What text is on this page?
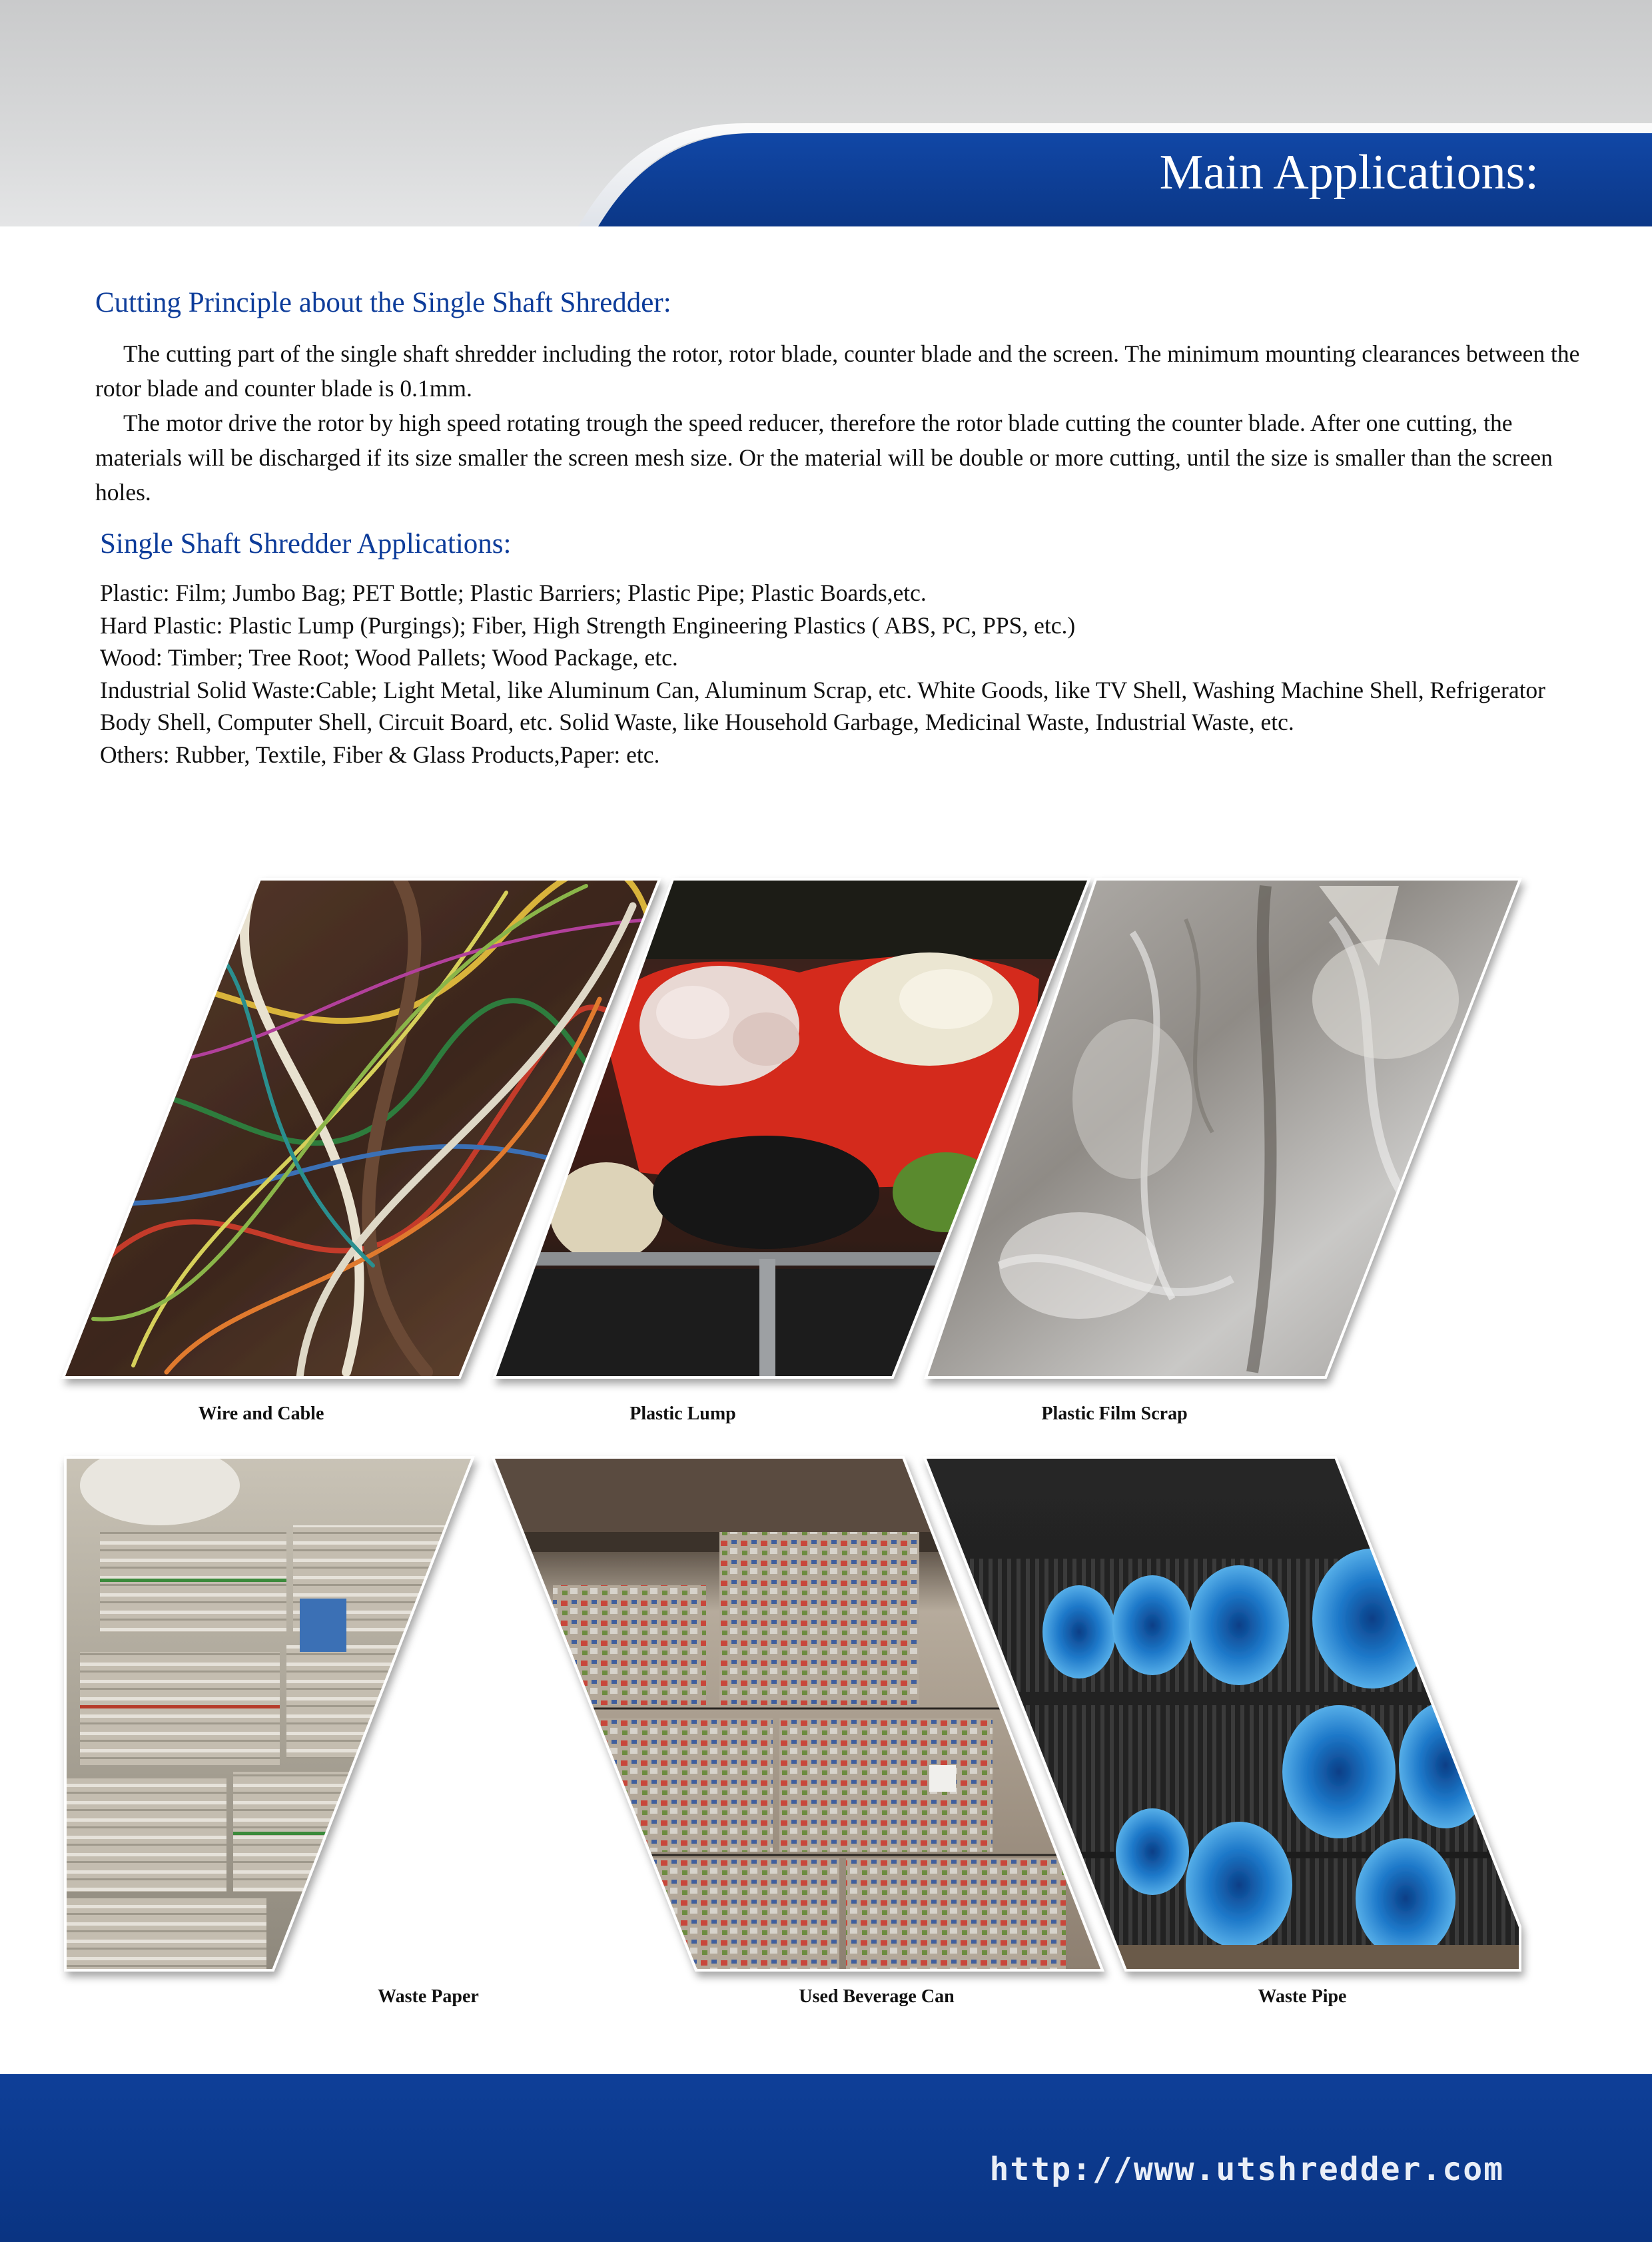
Main Applications:
Cutting Principle about the Single Shaft Shredder:

The cutting part of the single shaft shredder including the rotor, rotor blade, counter blade and the screen. The minimum mounting clearances between the rotor blade and counter blade is 0.1mm.

The motor drive the rotor by high speed rotating trough the speed reducer, therefore the rotor blade cutting the counter blade. After one cutting, the materials will be discharged if its size smaller the screen mesh size. Or the material will be double or more cutting, until the size is smaller than the screen holes.

Single Shaft Shredder Applications:
Plastic: Film; Jumbo Bag; PET Bottle; Plastic Barriers; Plastic Pipe; Plastic Boards,etc.
Hard Plastic: Plastic Lump (Purgings); Fiber, High Strength Engineering Plastics ( ABS, PC, PPS, etc.)
Wood: Timber; Tree Root; Wood Pallets; Wood Package, etc.
Industrial Solid Waste:Cable; Light Metal, like Aluminum Can, Aluminum Scrap, etc. White Goods, like TV Shell, Washing Machine Shell, Refrigerator Body Shell, Computer Shell, Circuit Board, etc. Solid Waste, like Household Garbage, Medicinal Waste, Industrial Waste, etc.
Others: Rubber, Textile, Fiber & Glass Products,Paper: etc.
Wire and Cable	Plastic Lump	Plastic Film Scrap
Waste Paper	Used Beverage Can	Waste Pipe
http://www.utshredder.com
